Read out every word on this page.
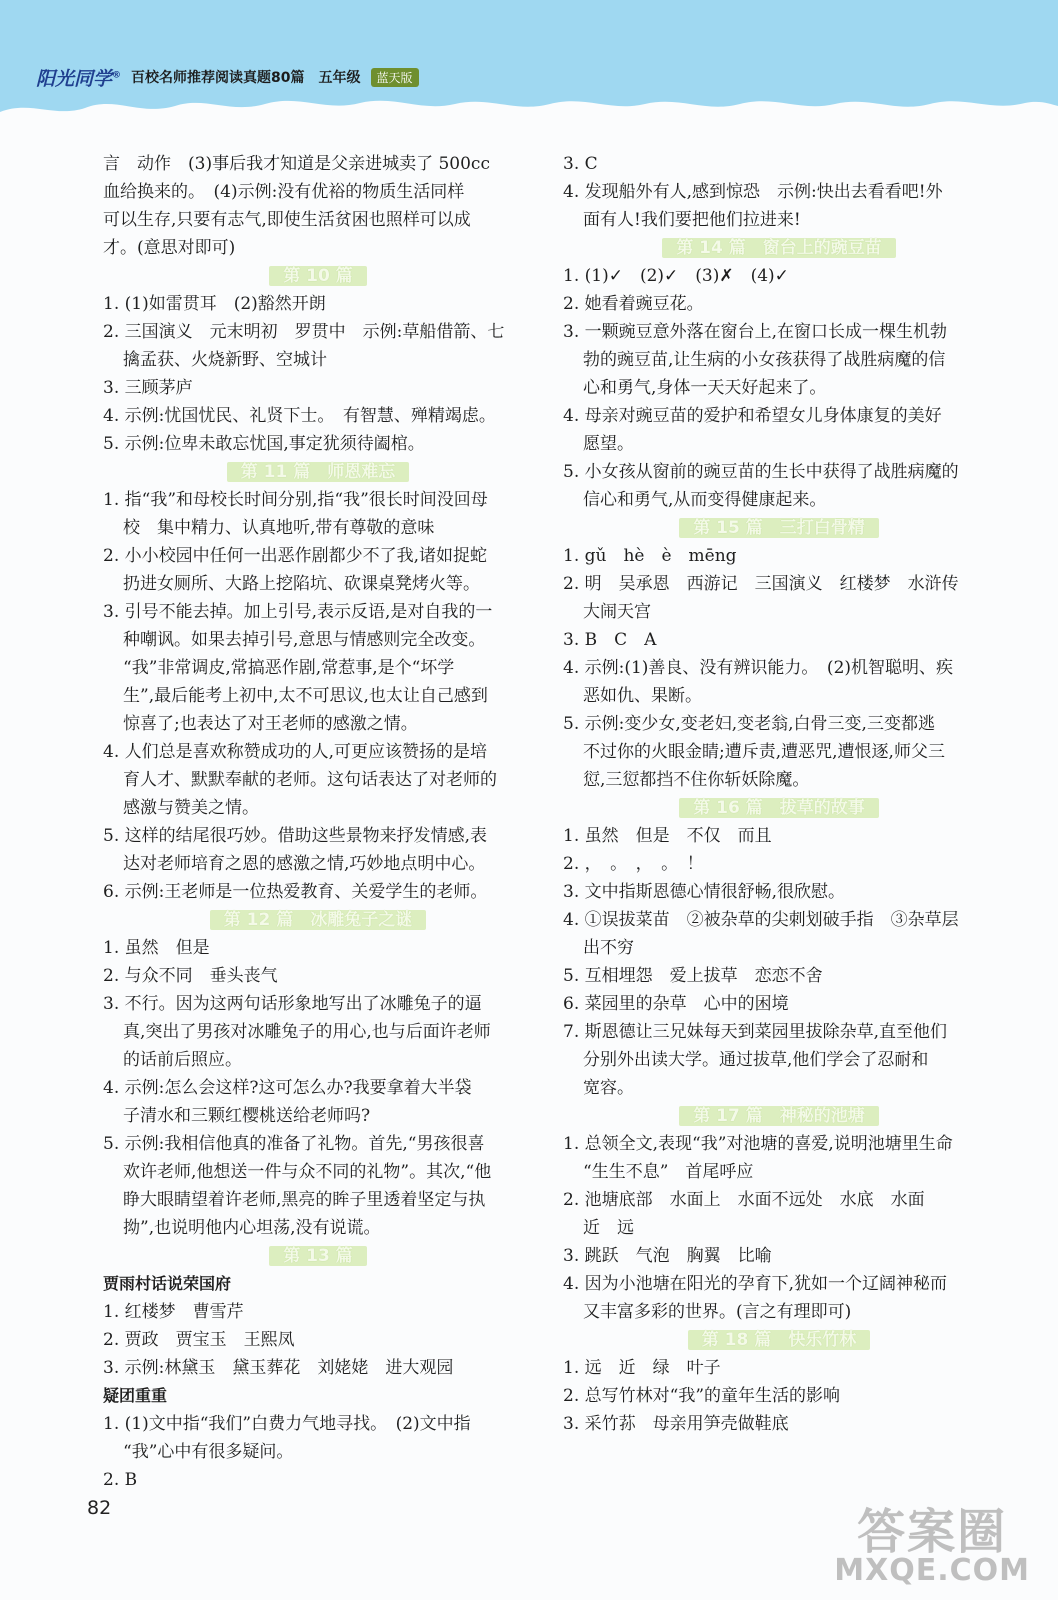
阳光同学® 百校名师推荐阅读真题80篇 五年级	蓝天版
言　动作　(3)事后我才知道是父亲进城卖了 500cc
血给换来的。　(4)示例:没有优裕的物质生活同样
可以生存,只要有志气,即使生活贫困也照样可以成
才。(意思对即可)
第 10 篇
1. (1)如雷贯耳　(2)豁然开朗
2. 三国演义　元末明初　罗贯中　示例:草船借箭、七
擒孟获、火烧新野、空城计
3. 三顾茅庐
4. 示例:忧国忧民、礼贤下士。　有智慧、殚精竭虑。
5. 示例:位卑未敢忘忧国,事定犹须待阖棺。
第 11 篇　师恩难忘
1. 指“我”和母校长时间分别,指“我”很长时间没回母
校　集中精力、认真地听,带有尊敬的意味
2. 小小校园中任何一出恶作剧都少不了我,诸如捉蛇
扔进女厕所、大路上挖陷坑、砍课桌凳烤火等。
3. 引号不能去掉。加上引号,表示反语,是对自我的一
种嘲讽。如果去掉引号,意思与情感则完全改变。
“我”非常调皮,常搞恶作剧,常惹事,是个“坏学
生”,最后能考上初中,太不可思议,也太让自己感到
惊喜了;也表达了对王老师的感激之情。
4. 人们总是喜欢称赞成功的人,可更应该赞扬的是培
育人才、默默奉献的老师。这句话表达了对老师的
感激与赞美之情。
5. 这样的结尾很巧妙。借助这些景物来抒发情感,表
达对老师培育之恩的感激之情,巧妙地点明中心。
6. 示例:王老师是一位热爱教育、关爱学生的老师。
第 12 篇　冰雕兔子之谜
1. 虽然　但是
2. 与众不同　垂头丧气
3. 不行。因为这两句话形象地写出了冰雕兔子的逼
真,突出了男孩对冰雕兔子的用心,也与后面许老师
的话前后照应。
4. 示例:怎么会这样?这可怎么办?我要拿着大半袋
子清水和三颗红樱桃送给老师吗?
5. 示例:我相信他真的准备了礼物。首先,“男孩很喜
欢许老师,他想送一件与众不同的礼物”。其次,“他
睁大眼睛望着许老师,黑亮的眸子里透着坚定与执
拗”,也说明他内心坦荡,没有说谎。
第 13 篇
贾雨村话说荣国府
1. 红楼梦　曹雪芹
2. 贾政　贾宝玉　王熙凤
3. 示例:林黛玉　黛玉葬花　刘姥姥　进大观园
疑团重重
1. (1)文中指“我们”白费力气地寻找。　(2)文中指
“我”心中有很多疑问。
2. B
3. C
4. 发现船外有人,感到惊恐　示例:快出去看看吧!外
面有人!我们要把他们拉进来!
第 14 篇　窗台上的豌豆苗
1. (1)✓　(2)✓　(3)✗　(4)✓
2. 她看着豌豆花。
3. 一颗豌豆意外落在窗台上,在窗口长成一棵生机勃
勃的豌豆苗,让生病的小女孩获得了战胜病魔的信
心和勇气,身体一天天好起来了。
4. 母亲对豌豆苗的爱护和希望女儿身体康复的美好
愿望。
5. 小女孩从窗前的豌豆苗的生长中获得了战胜病魔的
信心和勇气,从而变得健康起来。
第 15 篇　三打白骨精
1. gǔ　hè　è　mēng
2. 明　吴承恩　西游记　三国演义　红楼梦　水浒传
大闹天宫
3. B　C　A
4. 示例:(1)善良、没有辨识能力。　(2)机智聪明、疾
恶如仇、果断。
5. 示例:变少女,变老妇,变老翁,白骨三变,三变都逃
不过你的火眼金睛;遭斥责,遭恶咒,遭恨逐,师父三
愆,三愆都挡不住你斩妖除魔。
第 16 篇　拔草的故事
1. 虽然　但是　不仅　而且
2. ，　。　，　。　！
3. 文中指斯恩德心情很舒畅,很欣慰。
4. ①误拔菜苗　②被杂草的尖刺划破手指　③杂草层
出不穷
5. 互相埋怨　爱上拔草　恋恋不舍
6. 菜园里的杂草　心中的困境
7. 斯恩德让三兄妹每天到菜园里拔除杂草,直至他们
分别外出读大学。通过拔草,他们学会了忍耐和
宽容。
第 17 篇　神秘的池塘
1. 总领全文,表现“我”对池塘的喜爱,说明池塘里生命
“生生不息”　首尾呼应
2. 池塘底部　水面上　水面不远处　水底　水面
近　远
3. 跳跃　气泡　胸翼　比喻
4. 因为小池塘在阳光的孕育下,犹如一个辽阔神秘而
又丰富多彩的世界。(言之有理即可)
第 18 篇　快乐竹林
1. 远　近　绿　叶子
2. 总写竹林对“我”的童年生活的影响
3. 采竹荪　母亲用笋壳做鞋底
82	答案圈
MXQE.COM
